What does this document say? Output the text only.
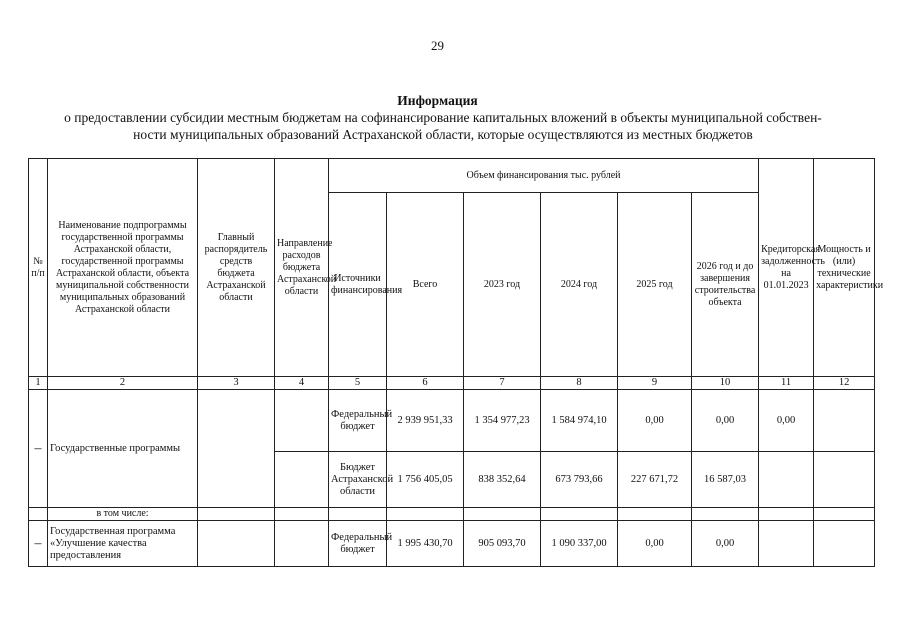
29
Информация
о предоставлении субсидии местным бюджетам на софинансирование капитальных вложений в объекты муниципальной собствен-
ности муниципальных образований Астраханской области, которые осуществляются из местных бюджетов
№ п/п	Наименование подпрограммы государственной программы Астраханской области, государственной программы Астраханской области, объекта муниципальной собственности муниципальных образований Астраханской области	Главный распорядитель средств бюджета Астраханской области	Направление расходов бюджета Астраханской области	Объем финансирования тыс. рублей						Кредиторская задолженность на 01.01.2023	Мощность и (или) технические характеристики
				Источники финансирования	Всего	2023 год	2024 год	2025 год	2026 год и до завершения строительства объекта		
1	2	3	4	5	6	7	8	9	10	11	12
–	Государственные программы			Федеральный бюджет	2 939 951,33	1 354 977,23	1 584 974,10	0,00	0,00	0,00	
				Бюджет Астраханской области	1 756 405,05	838 352,64	673 793,66	227 671,72	16 587,03		
	в том числе:										
–	Государственная программа «Улучшение качества предоставления			Федеральный бюджет	1 995 430,70	905 093,70	1 090 337,00	0,00	0,00		
